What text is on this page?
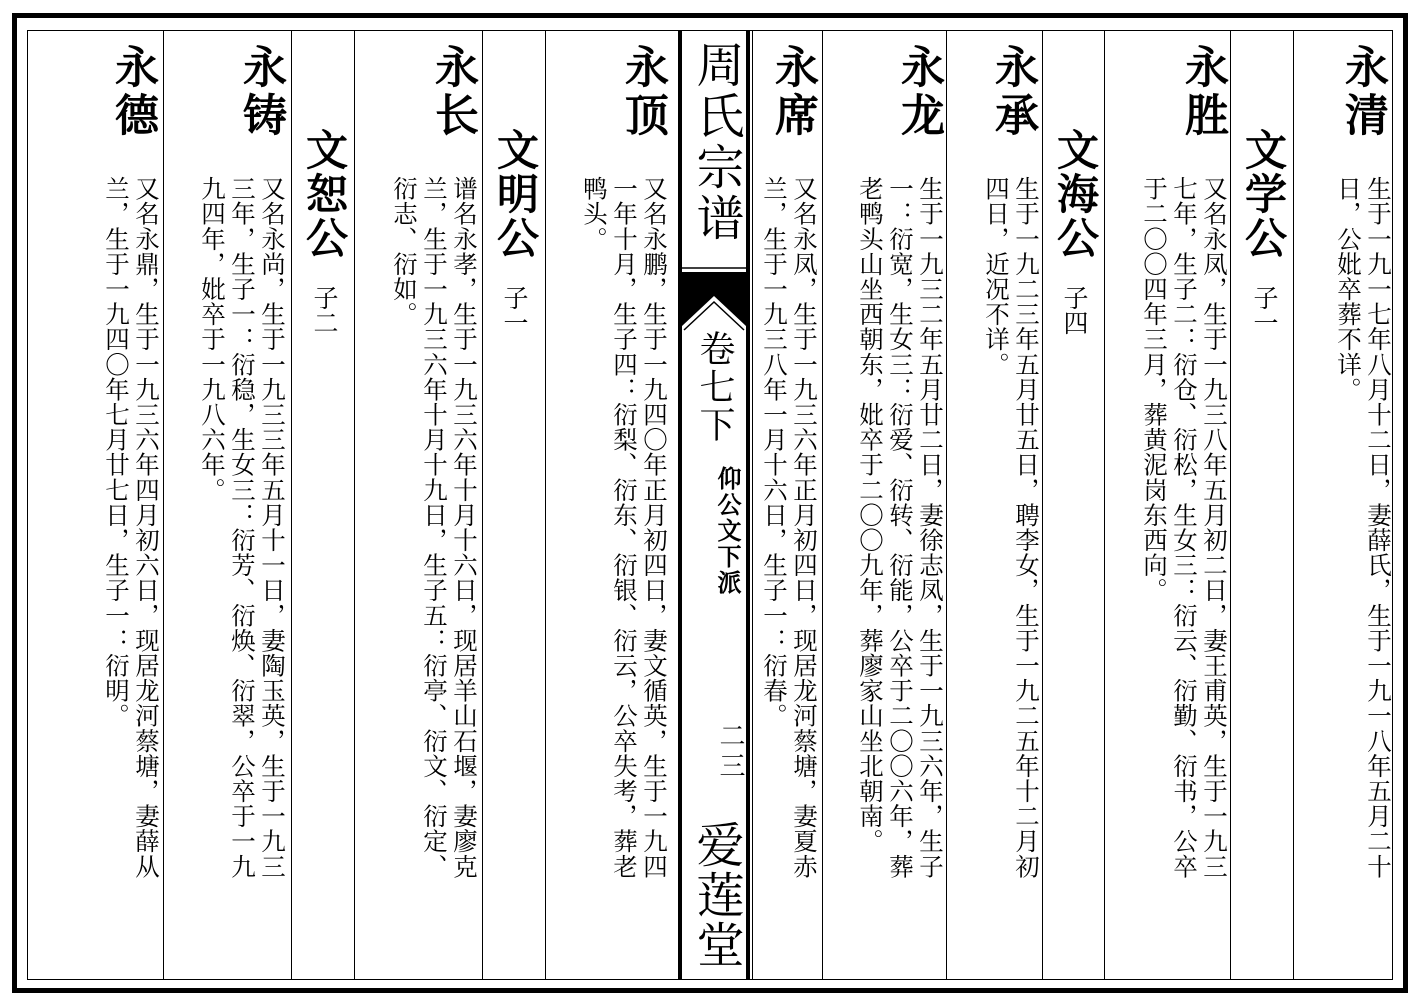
周氏宗谱
卷七下
仰公文下派
二三
爱莲堂
永清
生于一九一七年八月十二日，妻薛氏，生于一九一八年五月二十
日，公妣卒葬不详。
文学公
子一
永胜
又名永凤，生于一九三八年五月初二日，妻王甫英，生于一九三
七年，生子二：衍仓、衍松，生女三：衍云、衍勤、衍书，公卒
于二〇〇四年三月，葬黄泥岗东西向。
文海公
子四
永承
生于一九二三年五月廿五日，聘李女，生于一九二五年十二月初
四日，近况不详。
永龙
生于一九三二年五月廿二日，妻徐志凤，生于一九三六年，生子
一：衍宽，生女三：衍爱、衍转、衍能，公卒于二〇〇六年，葬
老鸭头山坐西朝东，妣卒于二〇〇九年，葬廖家山坐北朝南。
永席
又名永凤，生于一九三六年正月初四日，现居龙河蔡塘，妻夏赤
兰，生于一九三八年一月十六日，生子一：衍春。
永顶
又名永鹏，生于一九四〇年正月初四日，妻文循英，生于一九四
一年十月，生子四：衍梨、衍东、衍银、衍云，公卒失考，葬老
鸭头。
文明公
子一
永长
谱名永孝，生于一九三六年十月十六日，现居羊山石堰，妻廖克
兰，生于一九三六年十月十九日，生子五：衍亭、衍文、衍定、
衍志、衍如。
文恕公
子二
永铸
又名永尚，生于一九三三年五月十一日，妻陶玉英，生于一九三
三年，生子一：衍稳，生女三：衍芳、衍焕、衍翠，公卒于一九
九四年，妣卒于一九八六年。
永德
又名永鼎，生于一九三六年四月初六日，现居龙河蔡塘，妻薛从
兰，生于一九四〇年七月廿七日，生子一：衍明。
